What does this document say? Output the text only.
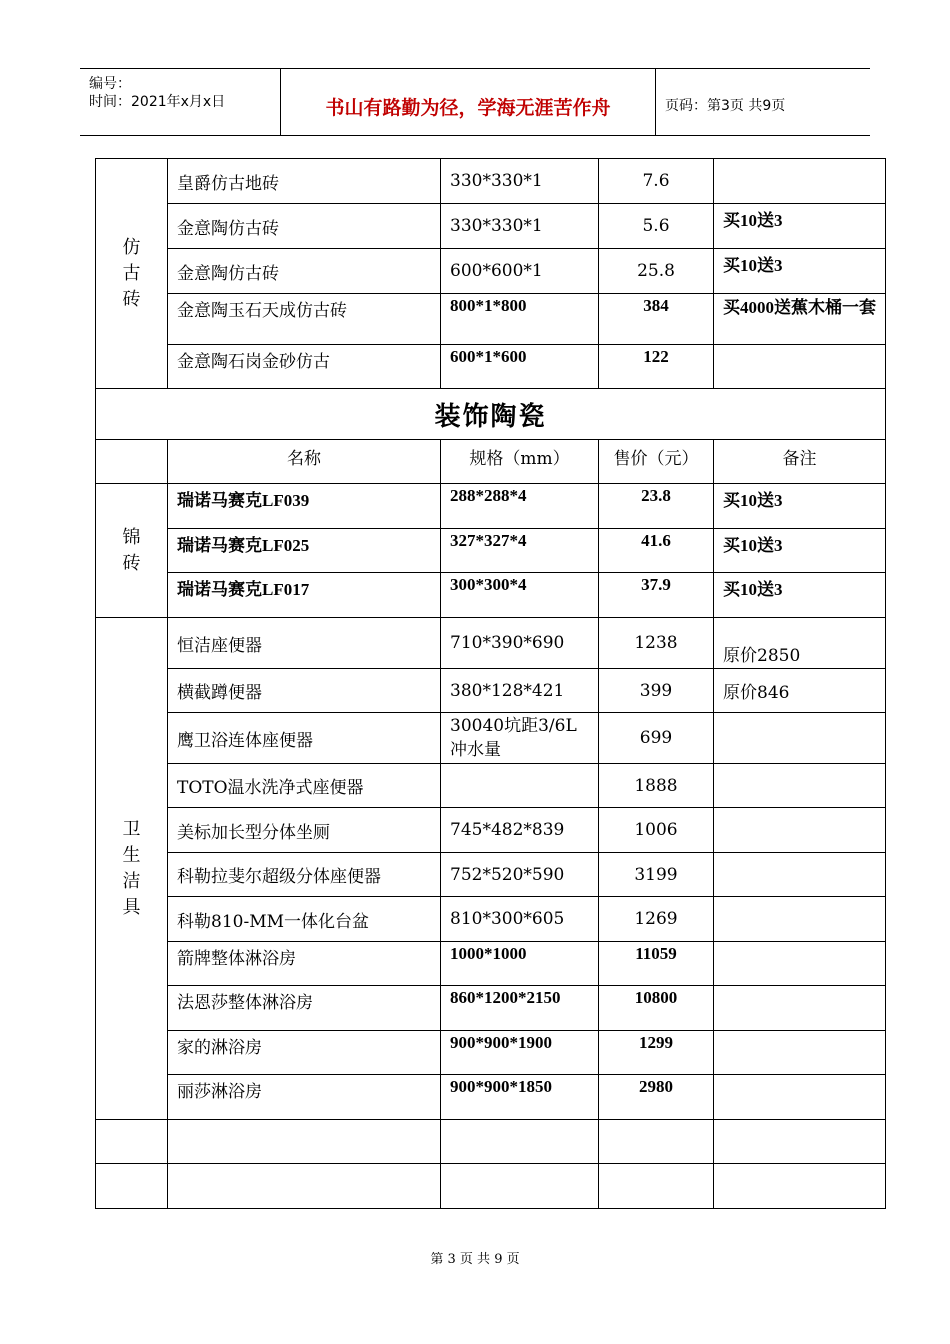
编号：
时间：2021年x月x日	书山有路勤为径，学海无涯苦作舟	页码：第3页 共9页
仿古砖	皇爵仿古地砖	330*330*1	7.6	
	金意陶仿古砖	330*330*1	5.6	买10送3
	金意陶仿古砖	600*600*1	25.8	买10送3
	金意陶玉石天成仿古砖	800*1*800	384	买4000送蕉木桶一套
	金意陶石岗金砂仿古	600*1*600	122	
装饰陶瓷				
	名称	规格（mm）	售价（元）	备注
锦砖	瑞诺马赛克LF039	288*288*4	23.8	买10送3
	瑞诺马赛克LF025	327*327*4	41.6	买10送3
	瑞诺马赛克LF017	300*300*4	37.9	买10送3
卫生洁具	恒洁座便器	710*390*690	1238	原价2850
	横截蹲便器	380*128*421	399	原价846
	鹰卫浴连体座便器	30040坑距3/6L冲水量	699	
	TOTO温水洗净式座便器		1888	
	美标加长型分体坐厕	745*482*839	1006	
	科勒拉斐尔超级分体座便器	752*520*590	3199	
	科勒810-MM一体化台盆	810*300*605	1269	
	箭牌整体淋浴房	1000*1000	11059	
	法恩莎整体淋浴房	860*1200*2150	10800	
	家的淋浴房	900*900*1900	1299	
	丽莎淋浴房	900*900*1850	2980	

第 3 页 共 9 页
